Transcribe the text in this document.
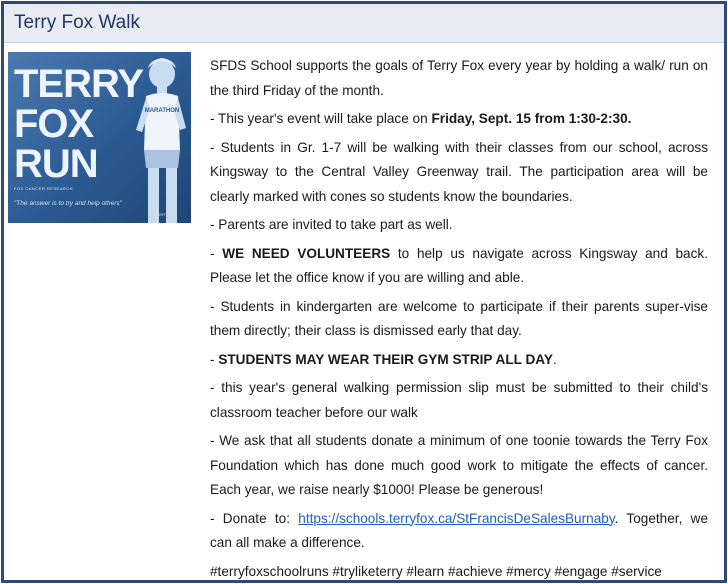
Terry Fox Walk
MARATHON
TERRY
FOX
RUN
FOX CANCER RESEARCH
"The answer is to try and help others"
- TERRY FOX

SFDS School supports the goals of Terry Fox every year by holding a walk/ run on the third Friday of the month.

- This year's event will take place on Friday, Sept. 15 from 1:30-2:30.

- Students in Gr. 1-7 will be walking with their classes from our school, across Kingsway to the Central Valley Greenway trail. The participation area will be clearly marked with cones so students know the boundaries.

- Parents are invited to take part as well.

- WE NEED VOLUNTEERS to help us navigate across Kingsway and back. Please let the office know if you are willing and able.

- Students in kindergarten are welcome to participate if their parents super-vise them directly; their class is dismissed early that day.

- STUDENTS MAY WEAR THEIR GYM STRIP ALL DAY.

- this year's general walking permission slip must be submitted to their child's classroom teacher before our walk

- We ask that all students donate a minimum of one toonie towards the Terry Fox Foundation which has done much good work to mitigate the effects of cancer. Each year, we raise nearly $1000! Please be generous!

- Donate to: https://schools.terryfox.ca/StFrancisDeSalesBurnaby. Together, we can all make a difference.

#terryfoxschoolruns #tryliketerry #learn #achieve #mercy #engage #service
